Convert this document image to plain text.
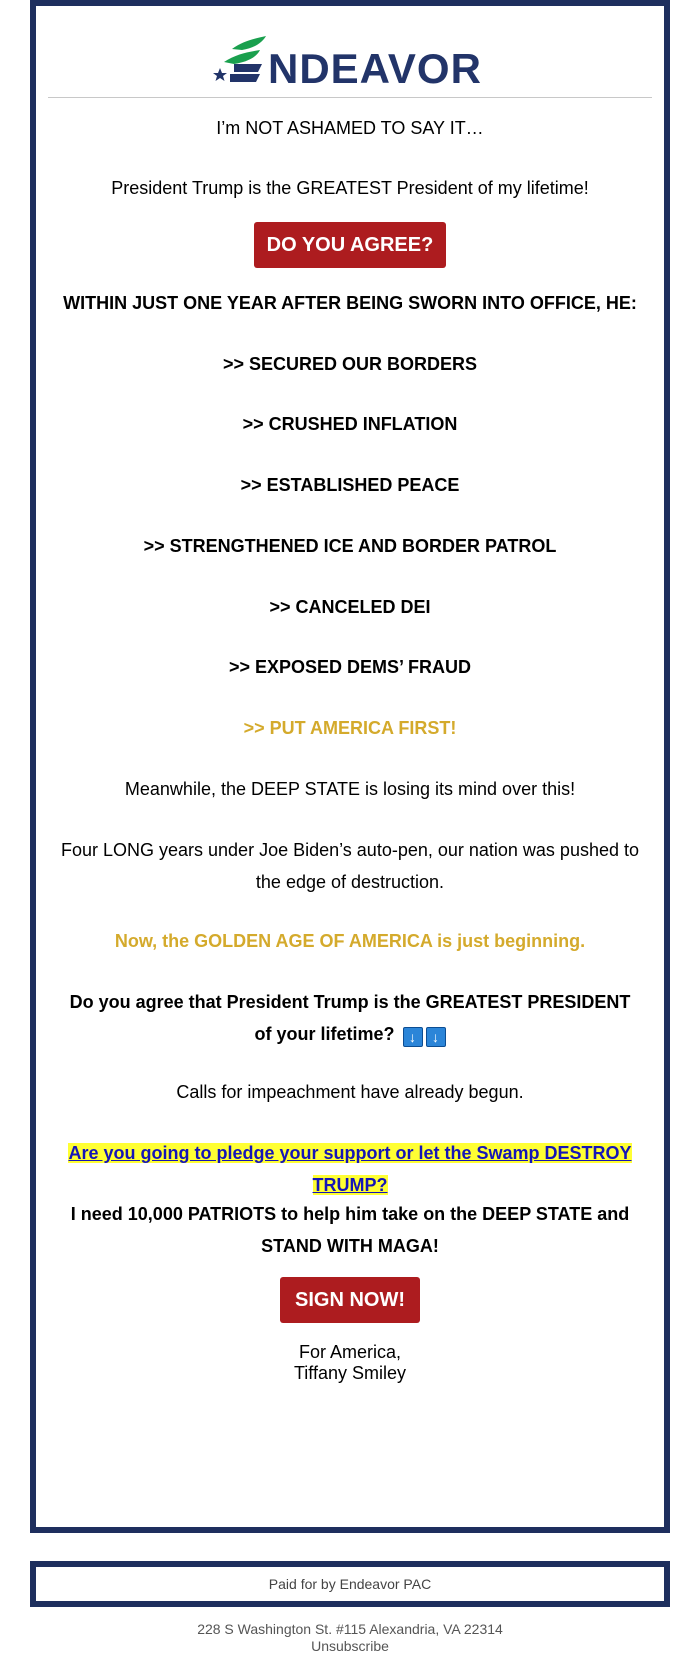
NDEAVOR
I’m NOT ASHAMED TO SAY IT…
President Trump is the GREATEST President of my lifetime!
DO YOU AGREE?
WITHIN JUST ONE YEAR AFTER BEING SWORN INTO OFFICE, HE:
>> SECURED OUR BORDERS
>> CRUSHED INFLATION
>> ESTABLISHED PEACE
>> STRENGTHENED ICE AND BORDER PATROL
>> CANCELED DEI
>> EXPOSED DEMS’ FRAUD
>> PUT AMERICA FIRST!
Meanwhile, the DEEP STATE is losing its mind over this!
Four LONG years under Joe Biden’s auto-pen, our nation was pushed to the edge of destruction.
Now, the GOLDEN AGE OF AMERICA is just beginning.
Do you agree that President Trump is the GREATEST PRESIDENT of your lifetime? ↓ ↓
Calls for impeachment have already begun.
Are you going to pledge your support or let the Swamp DESTROY TRUMP?
I need 10,000 PATRIOTS to help him take on the DEEP STATE and STAND WITH MAGA!
SIGN NOW!
For America,
Tiffany Smiley
Paid for by Endeavor PAC
228 S Washington St. #115 Alexandria, VA 22314
Unsubscribe
